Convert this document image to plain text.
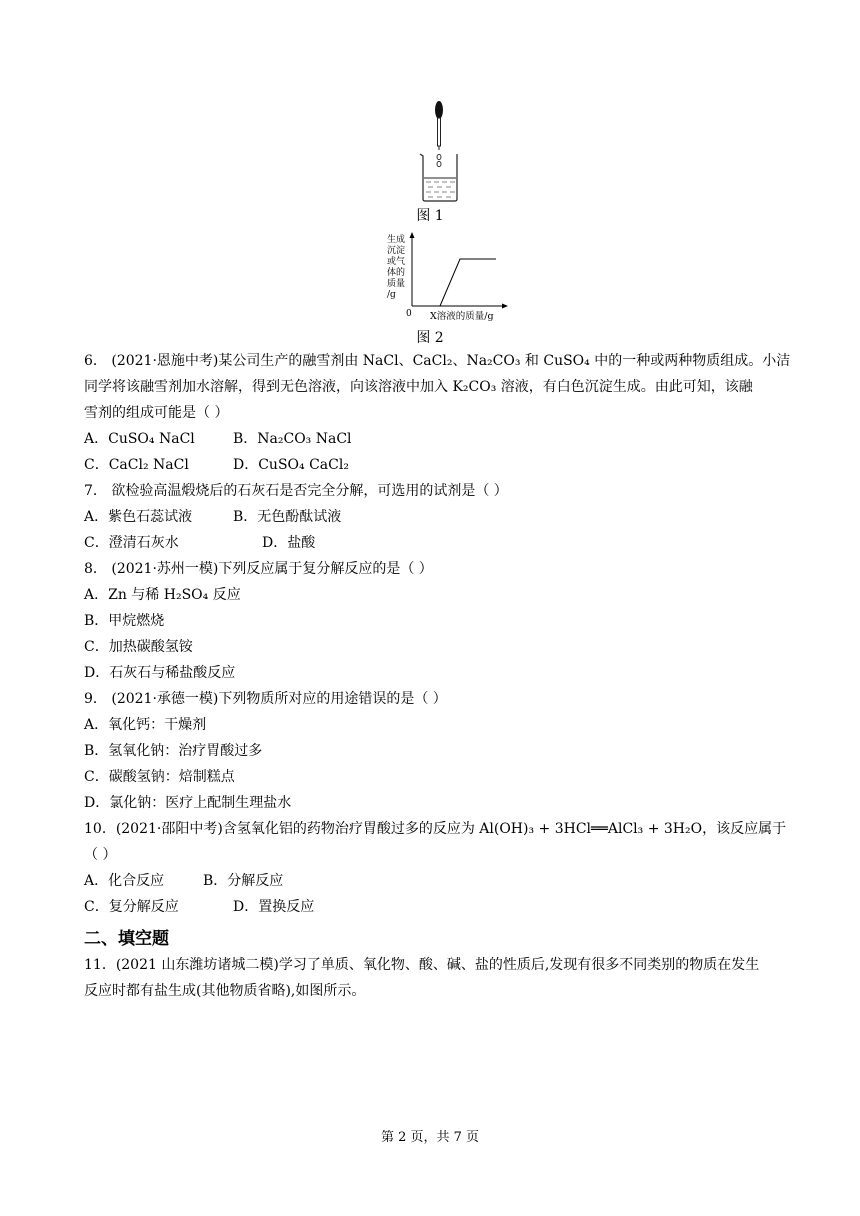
图 1
生成
沉淀
或气
体的
质量
/g
0 X溶液的质量/g
图 2
6． (2021·恩施中考)某公司生产的融雪剂由 NaCl、CaCl₂、Na₂CO₃ 和 CuSO₄ 中的一种或两种物质组成。小洁
同学将该融雪剂加水溶解，得到无色溶液，向该溶液中加入 K₂CO₃ 溶液，有白色沉淀生成。由此可知，该融
雪剂的组成可能是（ ）
A．CuSO₄ NaCl	B．Na₂CO₃ NaCl
C．CaCl₂ NaCl	D．CuSO₄ CaCl₂
7． 欲检验高温煅烧后的石灰石是否完全分解，可选用的试剂是（ ）
A．紫色石蕊试液	B．无色酚酞试液
C．澄清石灰水	D．盐酸
8． (2021·苏州一模)下列反应属于复分解反应的是（ ）
A．Zn 与稀 H₂SO₄ 反应
B．甲烷燃烧
C．加热碳酸氢铵
D．石灰石与稀盐酸反应
9． (2021·承德一模)下列物质所对应的用途错误的是（ ）
A．氧化钙：干燥剂
B．氢氧化钠：治疗胃酸过多
C．碳酸氢钠：焙制糕点
D．氯化钠：医疗上配制生理盐水
10．(2021·邵阳中考)含氢氧化铝的药物治疗胃酸过多的反应为 Al(OH)₃ + 3HCl══AlCl₃ + 3H₂O，该反应属于
（ ）
A．化合反应	B．分解反应
C．复分解反应	D．置换反应
二、填空题
11．(2021 山东潍坊诸城二模)学习了单质、氧化物、酸、碱、盐的性质后,发现有很多不同类别的物质在发生
反应时都有盐生成(其他物质省略),如图所示。
第 2 页，共 7 页
